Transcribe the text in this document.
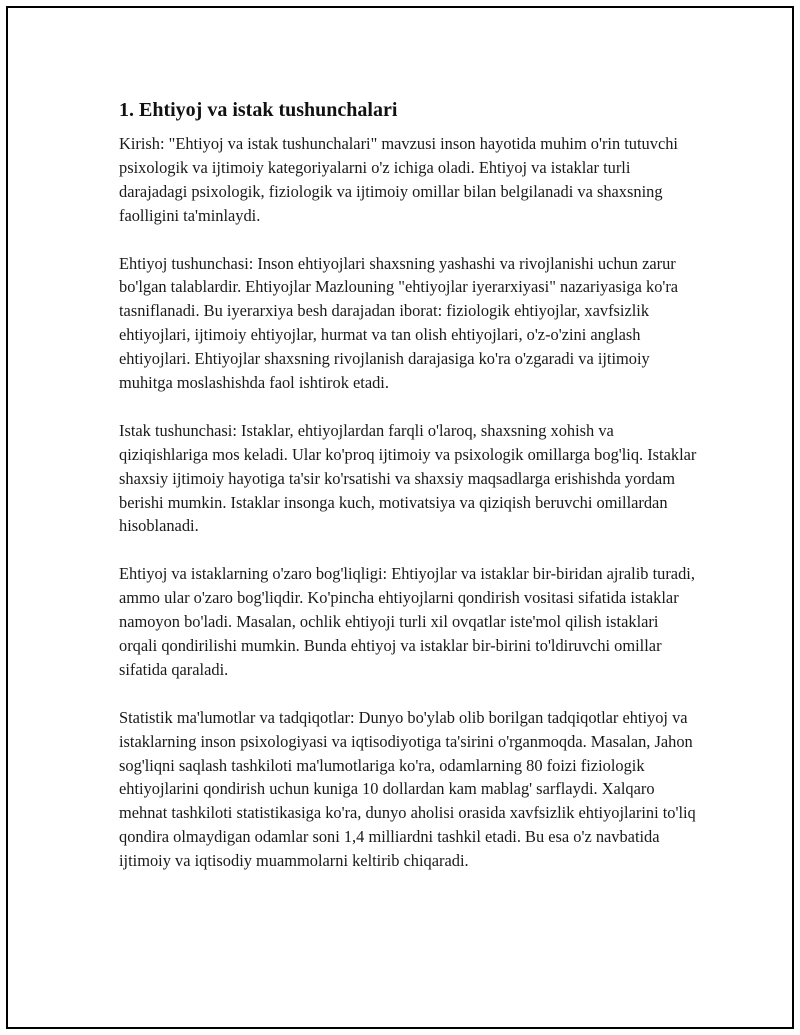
1. Ehtiyoj va istak tushunchalari

Kirish: "Ehtiyoj va istak tushunchalari" mavzusi inson hayotida muhim o'rin tutuvchi psixologik va ijtimoiy kategoriyalarni o'z ichiga oladi. Ehtiyoj va istaklar turli darajadagi psixologik, fiziologik va ijtimoiy omillar bilan belgilanadi va shaxsning faolligini ta'minlaydi.

Ehtiyoj tushunchasi: Inson ehtiyojlari shaxsning yashashi va rivojlanishi uchun zarur bo'lgan talablardir. Ehtiyojlar Mazlouning "ehtiyojlar iyerarxiyasi" nazariyasiga ko'ra tasniflanadi. Bu iyerarxiya besh darajadan iborat: fiziologik ehtiyojlar, xavfsizlik ehtiyojlari, ijtimoiy ehtiyojlar, hurmat va tan olish ehtiyojlari, o'z-o'zini anglash ehtiyojlari. Ehtiyojlar shaxsning rivojlanish darajasiga ko'ra o'zgaradi va ijtimoiy muhitga moslashishda faol ishtirok etadi.

Istak tushunchasi: Istaklar, ehtiyojlardan farqli o'laroq, shaxsning xohish va qiziqishlariga mos keladi. Ular ko'proq ijtimoiy va psixologik omillarga bog'liq. Istaklar shaxsiy ijtimoiy hayotiga ta'sir ko'rsatishi va shaxsiy maqsadlarga erishishda yordam berishi mumkin. Istaklar insonga kuch, motivatsiya va qiziqish beruvchi omillardan hisoblanadi.

Ehtiyoj va istaklarning o'zaro bog'liqligi: Ehtiyojlar va istaklar bir-biridan ajralib turadi, ammo ular o'zaro bog'liqdir. Ko'pincha ehtiyojlarni qondirish vositasi sifatida istaklar namoyon bo'ladi. Masalan, ochlik ehtiyoji turli xil ovqatlar iste'mol qilish istaklari orqali qondirilishi mumkin. Bunda ehtiyoj va istaklar bir-birini to'ldiruvchi omillar sifatida qaraladi.

Statistik ma'lumotlar va tadqiqotlar: Dunyo bo'ylab olib borilgan tadqiqotlar ehtiyoj va istaklarning inson psixologiyasi va iqtisodiyotiga ta'sirini o'rganmoqda. Masalan, Jahon sog'liqni saqlash tashkiloti ma'lumotlariga ko'ra, odamlarning 80 foizi fiziologik ehtiyojlarini qondirish uchun kuniga 10 dollardan kam mablag' sarflaydi. Xalqaro mehnat tashkiloti statistikasiga ko'ra, dunyo aholisi orasida xavfsizlik ehtiyojlarini to'liq qondira olmaydigan odamlar soni 1,4 milliardni tashkil etadi. Bu esa o'z navbatida ijtimoiy va iqtisodiy muammolarni keltirib chiqaradi.
